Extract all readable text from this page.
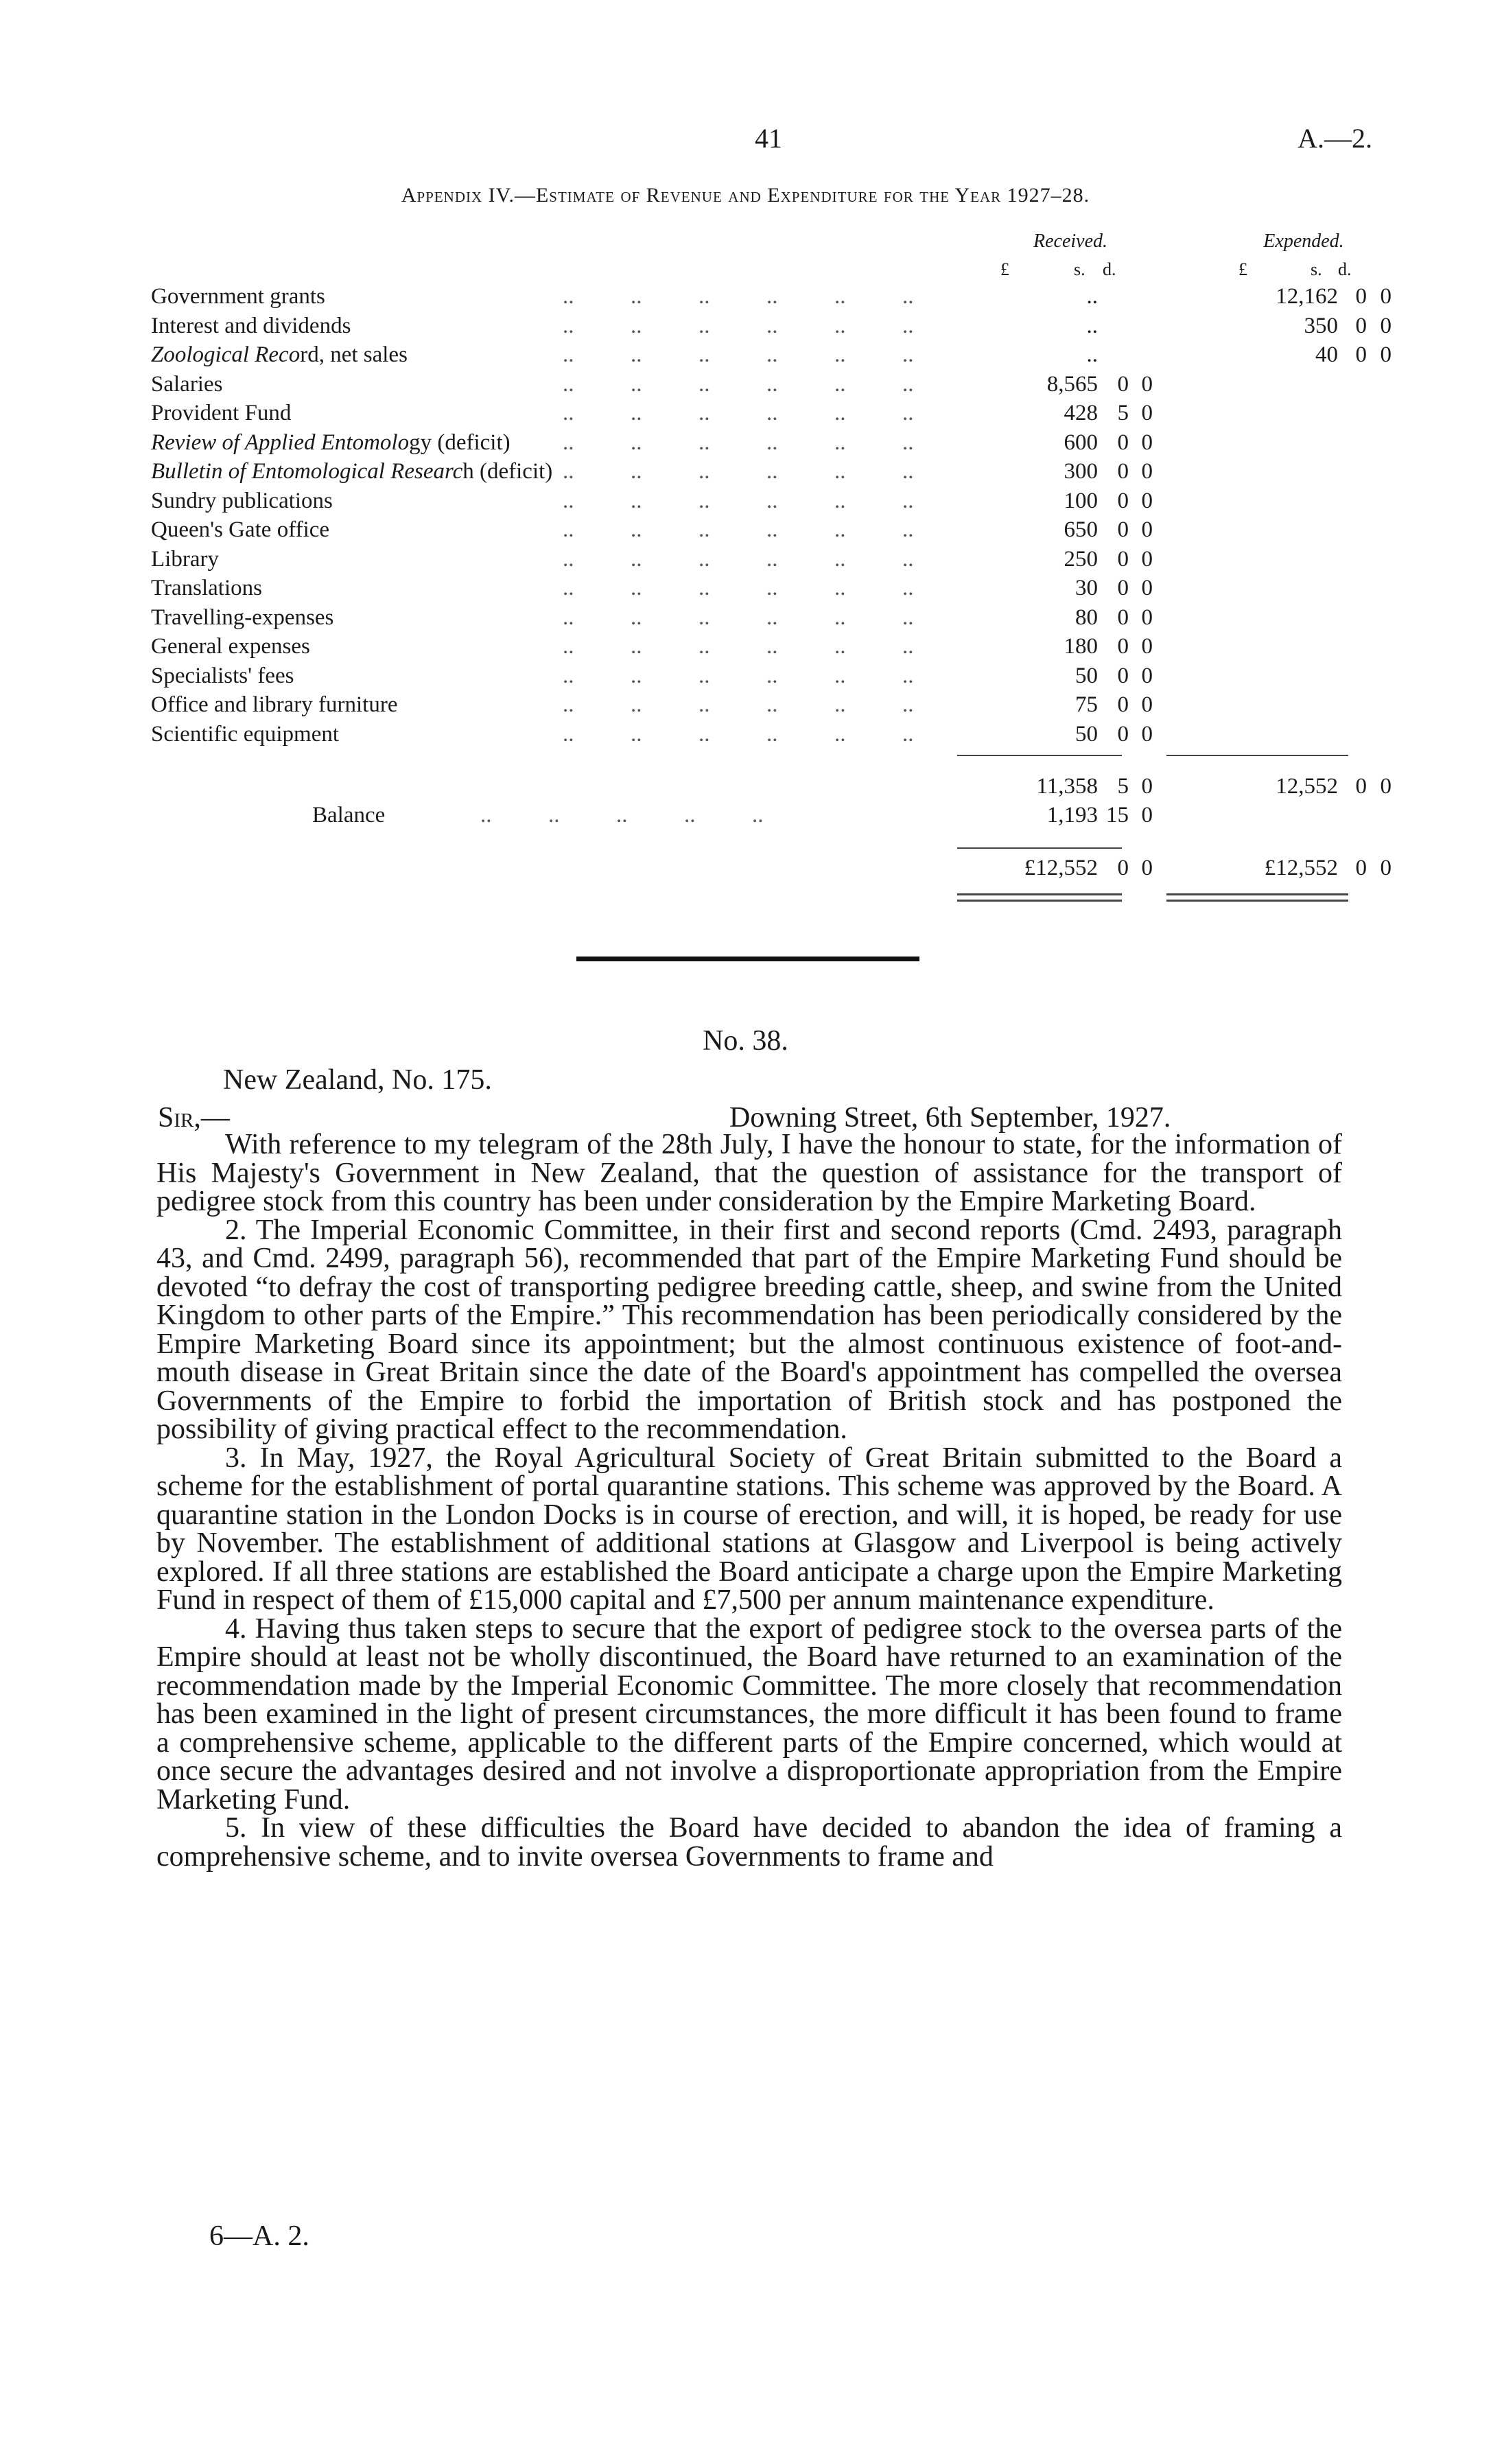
41	A.—2.
Appendix IV.—Estimate of Revenue and Expenditure for the Year 1927–28.
Received.	Expended.
£	s. d.	£	s. d.
Government grants	..          ..          ..          ..          ..          ..	..	12,162 0 0
Interest and dividends	..          ..          ..          ..          ..          ..	..	350 0 0
Zoological Record, net sales	..          ..          ..          ..          ..          ..	..	40 0 0
Salaries	..          ..          ..          ..          ..          ..	8,565 0 0
Provident Fund	..          ..          ..          ..          ..          ..	428 5 0
Review of Applied Entomology (deficit) ..          ..          ..          ..          ..          ..	600 0 0
Bulletin of Entomological Research (deficit) ..          ..          ..          ..          ..          ..	300 0 0
Sundry publications	..          ..          ..          ..          ..          ..	100 0 0
Queen's Gate office	..          ..          ..          ..          ..          ..	650 0 0
Library	..          ..          ..          ..          ..          ..	250 0 0
Translations	..          ..          ..          ..          ..          ..	30 0 0
Travelling-expenses	..          ..          ..          ..          ..          ..	80 0 0
General expenses	..          ..          ..          ..          ..          ..	180 0 0
Specialists' fees	..          ..          ..          ..          ..          ..	50 0 0
Office and library furniture	..          ..          ..          ..          ..          ..	75 0 0
Scientific equipment	..          ..          ..          ..          ..          ..	50 0 0
11,358 5 0	12,552 0 0
Balance	..          ..          ..          ..          ..	1,193 15 0
£12,552 0 0	£12,552 0 0
No. 38.
New Zealand, No. 175.
Sir,—	Downing Street, 6th September, 1927.

With reference to my telegram of the 28th July, I have the honour to state, for the information of His Majesty's Government in New Zealand, that the question of assistance for the transport of pedigree stock from this country has been under consideration by the Empire Marketing Board.

2. The Imperial Economic Committee, in their first and second reports (Cmd. 2493, paragraph 43, and Cmd. 2499, paragraph 56), recommended that part of the Empire Marketing Fund should be devoted “to defray the cost of transporting pedigree breeding cattle, sheep, and swine from the United Kingdom to other parts of the Empire.” This recommendation has been periodically considered by the Empire Marketing Board since its appointment; but the almost continuous existence of foot-and-mouth disease in Great Britain since the date of the Board's appointment has compelled the oversea Governments of the Empire to forbid the importation of British stock and has postponed the possibility of giving practical effect to the recommendation.

3. In May, 1927, the Royal Agricultural Society of Great Britain submitted to the Board a scheme for the establishment of portal quarantine stations. This scheme was approved by the Board. A quarantine station in the London Docks is in course of erection, and will, it is hoped, be ready for use by November. The establishment of additional stations at Glasgow and Liverpool is being actively explored. If all three stations are established the Board anticipate a charge upon the Empire Marketing Fund in respect of them of £15,000 capital and £7,500 per annum maintenance expenditure.

4. Having thus taken steps to secure that the export of pedigree stock to the oversea parts of the Empire should at least not be wholly discontinued, the Board have returned to an examination of the recommendation made by the Imperial Economic Committee. The more closely that recommendation has been examined in the light of present circumstances, the more difficult it has been found to frame a comprehensive scheme, applicable to the different parts of the Empire concerned, which would at once secure the advantages desired and not involve a disproportionate appropriation from the Empire Marketing Fund.

5. In view of these difficulties the Board have decided to abandon the idea of framing a comprehensive scheme, and to invite oversea Governments to frame and

6—A. 2.
